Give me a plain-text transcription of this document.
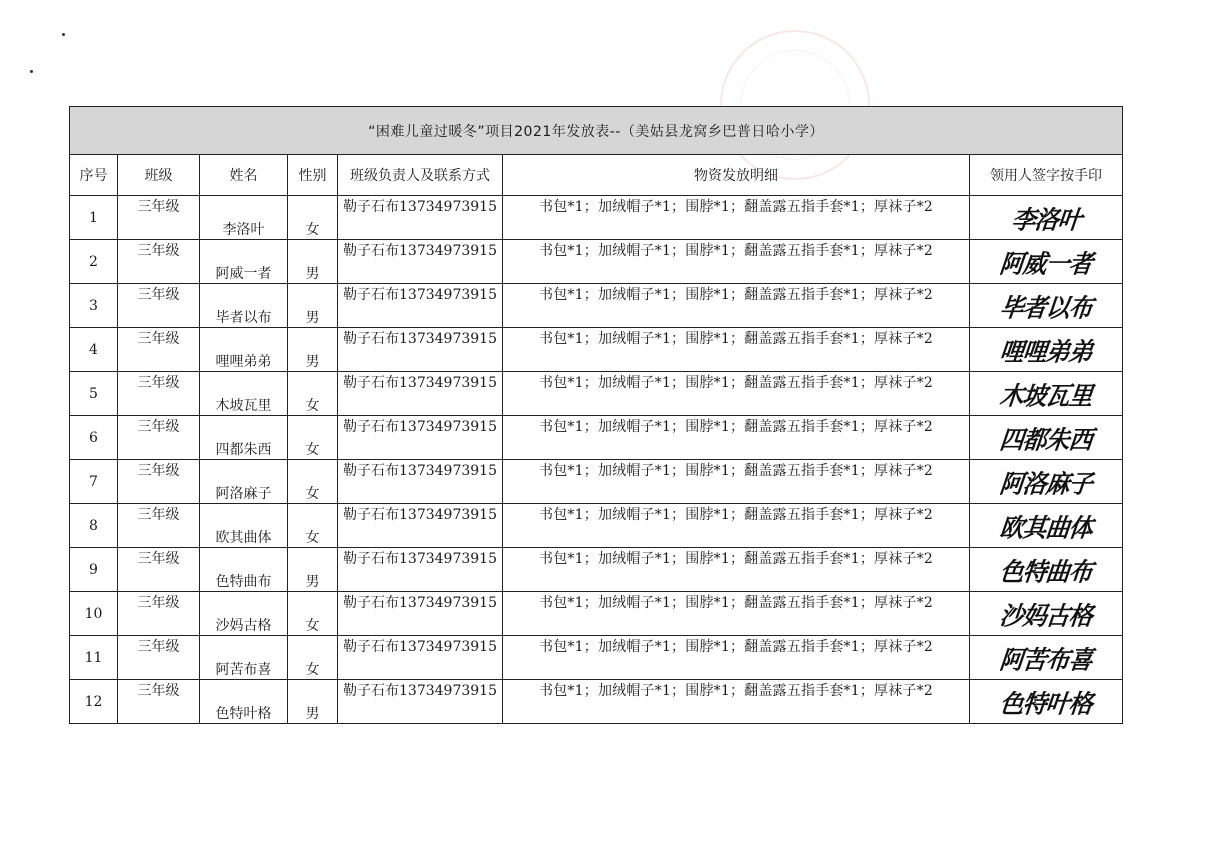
“困难儿童过暖冬”项目2021年发放表--（美姑县龙窝乡巴普日哈小学）						
序号	班级	姓名	性别	班级负责人及联系方式	物资发放明细	领用人签字按手印
1	三年级	李洛叶	女	勒子石布13734973915	书包*1；加绒帽子*1；围脖*1；翻盖露五指手套*1；厚袜子*2	李洛叶
2	三年级	阿威一者	男	勒子石布13734973915	书包*1；加绒帽子*1；围脖*1；翻盖露五指手套*1；厚袜子*2	阿威一者
3	三年级	毕者以布	男	勒子石布13734973915	书包*1；加绒帽子*1；围脖*1；翻盖露五指手套*1；厚袜子*2	毕者以布
4	三年级	哩哩弟弟	男	勒子石布13734973915	书包*1；加绒帽子*1；围脖*1；翻盖露五指手套*1；厚袜子*2	哩哩弟弟
5	三年级	木坡瓦里	女	勒子石布13734973915	书包*1；加绒帽子*1；围脖*1；翻盖露五指手套*1；厚袜子*2	木坡瓦里
6	三年级	四都朱西	女	勒子石布13734973915	书包*1；加绒帽子*1；围脖*1；翻盖露五指手套*1；厚袜子*2	四都朱西
7	三年级	阿洛麻子	女	勒子石布13734973915	书包*1；加绒帽子*1；围脖*1；翻盖露五指手套*1；厚袜子*2	阿洛麻子
8	三年级	欧其曲体	女	勒子石布13734973915	书包*1；加绒帽子*1；围脖*1；翻盖露五指手套*1；厚袜子*2	欧其曲体
9	三年级	色特曲布	男	勒子石布13734973915	书包*1；加绒帽子*1；围脖*1；翻盖露五指手套*1；厚袜子*2	色特曲布
10	三年级	沙妈古格	女	勒子石布13734973915	书包*1；加绒帽子*1；围脖*1；翻盖露五指手套*1；厚袜子*2	沙妈古格
11	三年级	阿苦布喜	女	勒子石布13734973915	书包*1；加绒帽子*1；围脖*1；翻盖露五指手套*1；厚袜子*2	阿苦布喜
12	三年级	色特叶格	男	勒子石布13734973915	书包*1；加绒帽子*1；围脖*1；翻盖露五指手套*1；厚袜子*2	色特叶格
